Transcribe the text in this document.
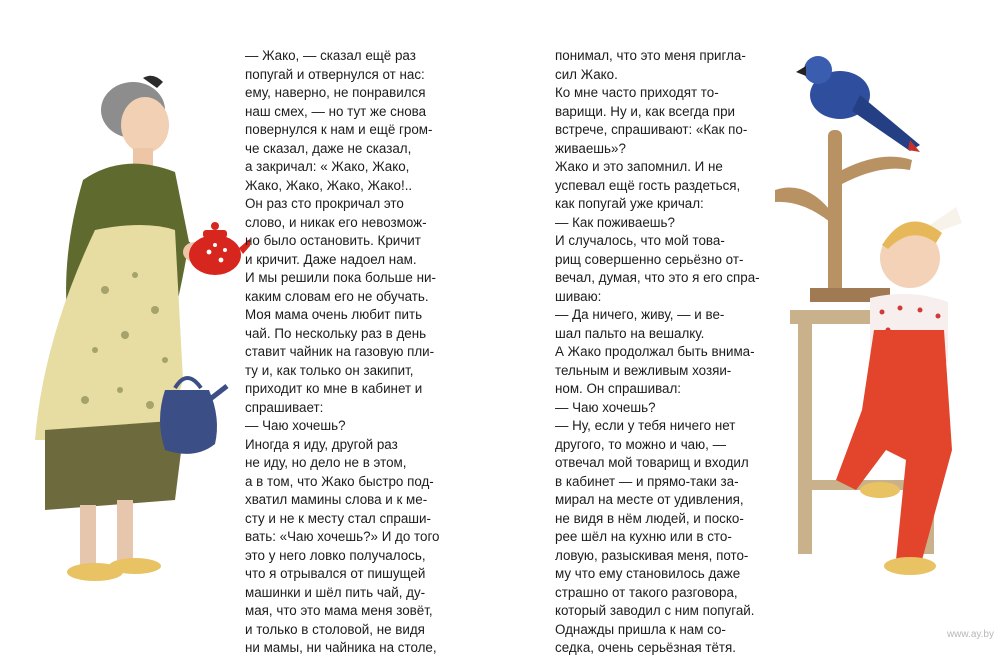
— Жако, — сказал ещё раз

попугай и отвернулся от нас:

ему, наверно, не понравился

наш смех, — но тут же снова

повернулся к нам и ещё гром-

че сказал, даже не сказал,

а закричал: « Жако, Жако,

Жако, Жако, Жако, Жако!..

Он раз сто прокричал это

слово, и никак его невозмож-

но было остановить. Кричит

и кричит. Даже надоел нам.

И мы решили пока больше ни-

каким словам его не обучать.

Моя мама очень любит пить

чай. По нескольку раз в день

ставит чайник на газовую пли-

ту и, как только он закипит,

приходит ко мне в кабинет и

спрашивает:

— Чаю хочешь?

Иногда я иду, другой раз

не иду, но дело не в этом,

а в том, что Жако быстро под-

хватил мамины слова и к ме-

сту и не к месту стал спраши-

вать: «Чаю хочешь?» И до того

это у него ловко получалось,

что я отрывался от пишущей

машинки и шёл пить чай, ду-

мая, что это мама меня зовёт,

и только в столовой, не видя

ни мамы, ни чайника на столе,

понимал, что это меня пригла-

сил Жако.

Ко мне часто приходят то-

варищи. Ну и, как всегда при

встрече, спрашивают: «Как по-

живаешь»?

Жако и это запомнил. И не

успевал ещё гость раздеться,

как попугай уже кричал:

— Как поживаешь?

И случалось, что мой това-

рищ совершенно серьёзно от-

вечал, думая, что это я его спра-

шиваю:

— Да ничего, живу, — и ве-

шал пальто на вешалку.

А Жако продолжал быть внима-

тельным и вежливым хозяи-

ном. Он спрашивал:

— Чаю хочешь?

— Ну, если у тебя ничего нет

другого, то можно и чаю, —

отвечал мой товарищ и входил

в кабинет — и прямо-таки за-

мирал на месте от удивления,

не видя в нём людей, и поско-

рее шёл на кухню или в сто-

ловую, разыскивая меня, пото-

му что ему становилось даже

страшно от такого разговора,

который заводил с ним попугай.

Однажды пришла к нам со-

седка, очень серьёзная тётя.

www.ay.by
